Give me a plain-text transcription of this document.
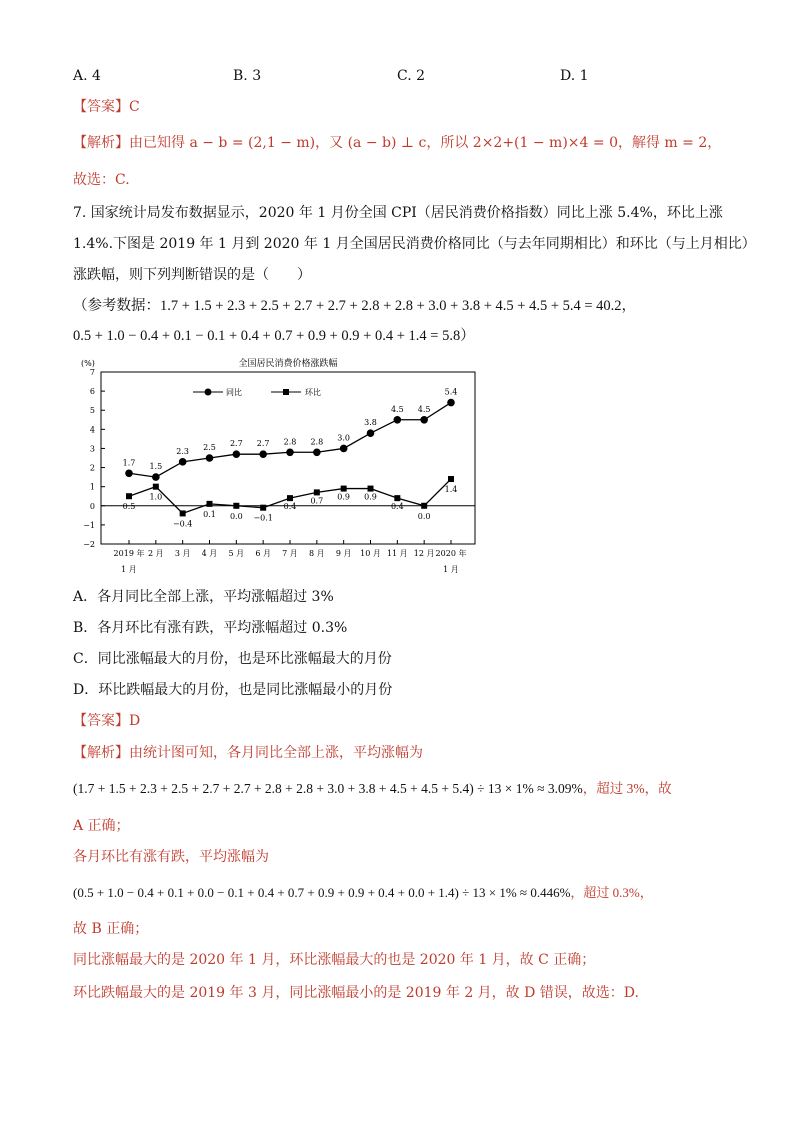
A. 4	B. 3	C. 2	D. 1
【答案】C
【解析】由已知得 a − b = (2,1 − m)，又 (a − b) ⊥ c，所以 2×2+(1 − m)×4 = 0，解得 m = 2，
故选：C.
7. 国家统计局发布数据显示，2020 年 1 月份全国 CPI（居民消费价格指数）同比上涨 5.4%，环比上涨
1.4%.下图是 2019 年 1 月到 2020 年 1 月全国居民消费价格同比（与去年同期相比）和环比（与上月相比）
涨跌幅，则下列判断错误的是（　　）
（参考数据：1.7 + 1.5 + 2.3 + 2.5 + 2.7 + 2.7 + 2.8 + 2.8 + 3.0 + 3.8 + 4.5 + 4.5 + 5.4 = 40.2，
0.5 + 1.0 − 0.4 + 0.1 − 0.1 + 0.4 + 0.7 + 0.9 + 0.9 + 0.4 + 1.4 = 5.8）
(%)	全国居民消费价格涨跌幅
−2
−1
0
1
2
3
4
5
6
7
2019 年
1 月
2 月 3 月 4 月 5 月 6 月 7 月 8 月 9 月 10 月 11 月 12 月 2020 年
1 月
1.7 1.5
2.3 2.5 2.7 2.7 2.8 2.8 3.0
3.8
4.5 4.5
5.4
0.5
1.0
−0.4
0.1 0.0 −0.1
0.4
0.7 0.9 0.9
0.4
0.0
1.4
同比	环比
A．各月同比全部上涨，平均涨幅超过 3%
B．各月环比有涨有跌，平均涨幅超过 0.3%
C．同比涨幅最大的月份，也是环比涨幅最大的月份
D．环比跌幅最大的月份，也是同比涨幅最小的月份
【答案】D
【解析】由统计图可知，各月同比全部上涨，平均涨幅为
(1.7 + 1.5 + 2.3 + 2.5 + 2.7 + 2.7 + 2.8 + 2.8 + 3.0 + 3.8 + 4.5 + 4.5 + 5.4) ÷ 13 × 1% ≈ 3.09%，超过 3%，故
A 正确；
各月环比有涨有跌，平均涨幅为
(0.5 + 1.0 − 0.4 + 0.1 + 0.0 − 0.1 + 0.4 + 0.7 + 0.9 + 0.9 + 0.4 + 0.0 + 1.4) ÷ 13 × 1% ≈ 0.446%，超过 0.3%，
故 B 正确；
同比涨幅最大的是 2020 年 1 月，环比涨幅最大的也是 2020 年 1 月，故 C 正确；
环比跌幅最大的是 2019 年 3 月，同比涨幅最小的是 2019 年 2 月，故 D 错误，故选：D.
